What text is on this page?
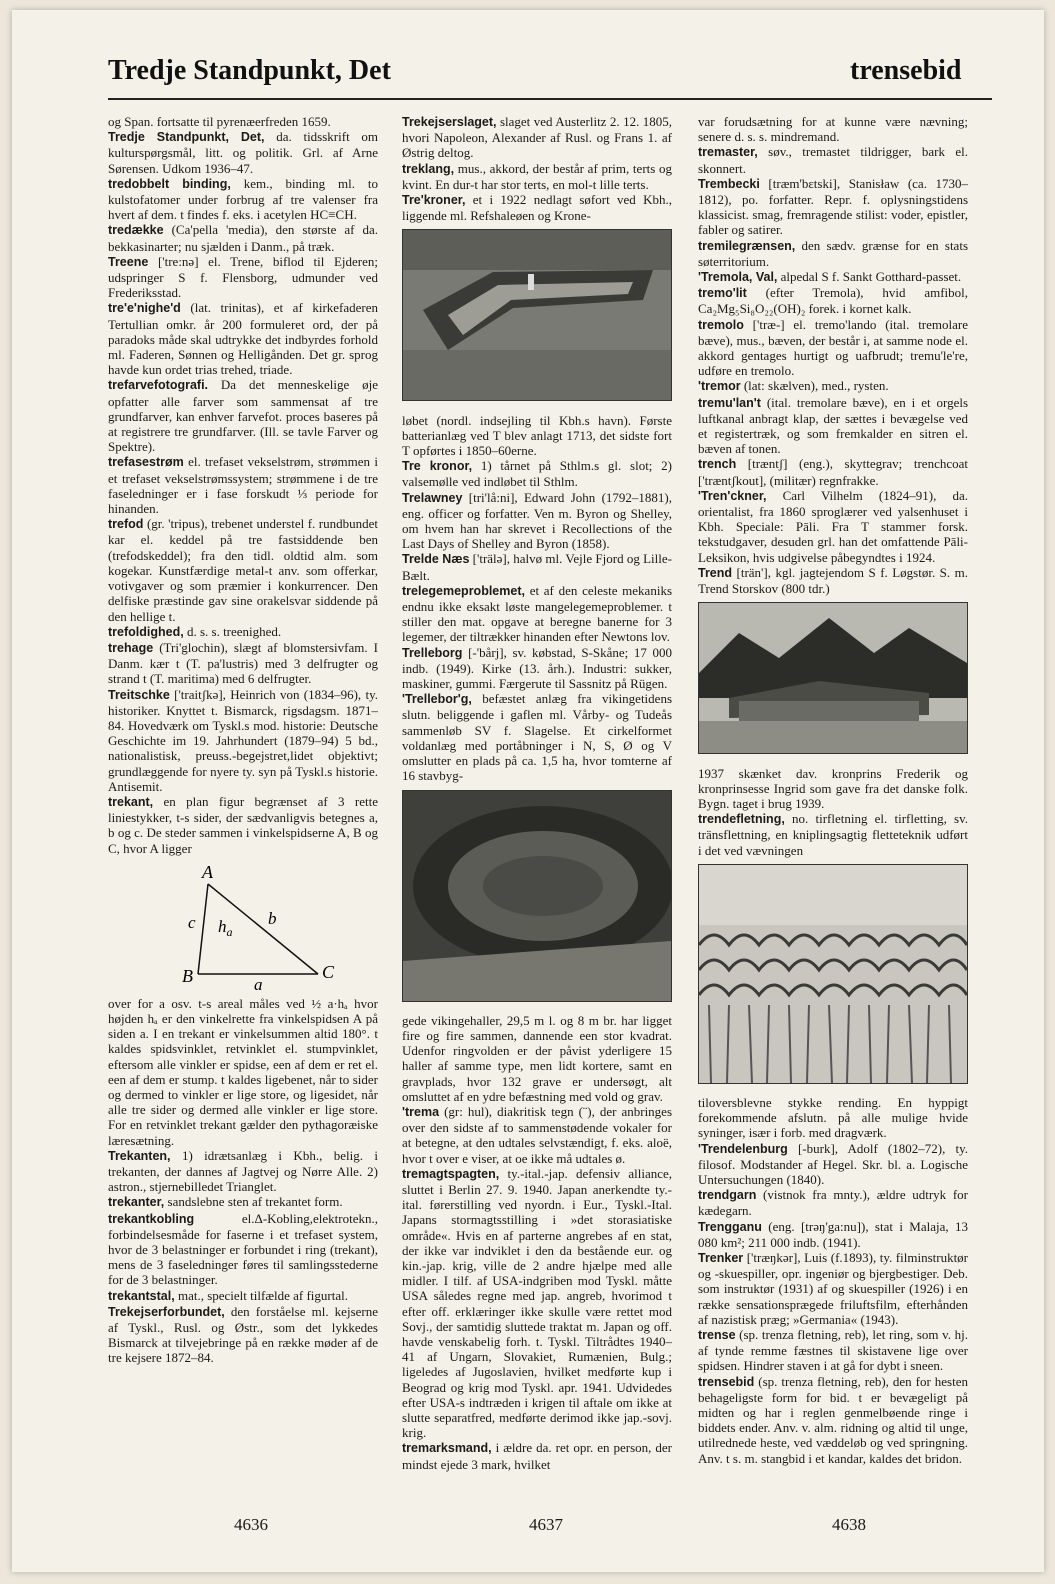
Tredje Standpunkt, Det	trensebid

og Span. fortsatte til pyrenæerfreden 1659.

Tredje Standpunkt, Det, da. tidsskrift om kulturspørgsmål, litt. og politik. Grl. af Arne Sørensen. Udkom 1936–47.

tredobbelt binding, kem., binding ml. to kulstofatomer under forbrug af tre valenser fra hvert af dem. t findes f. eks. i acetylen HC≡CH.

tredække (Ca'pella 'media), den største af da. bekkasinarter; nu sjælden i Danm., på træk.

Treene ['tre:nə] el. Trene, biflod til Ejderen; udspringer S f. Flensborg, udmunder ved Frederiksstad.

tre'e'nighe'd (lat. trinitas), et af kirkefaderen Tertullian omkr. år 200 formuleret ord, der på paradoks måde skal udtrykke det indbyrdes forhold ml. Faderen, Sønnen og Helligånden. Det gr. sprog havde kun ordet trias trehed, triade.

trefarvefotografi. Da det menneskelige øje opfatter alle farver som sammensat af tre grundfarver, kan enhver farvefot. proces baseres på at registrere tre grundfarver. (Ill. se tavle Farver og Spektre).

trefasestrøm el. trefaset vekselstrøm, strømmen i et trefaset vekselstrømssystem; strømmene i de tre faseledninger er i fase forskudt ⅓ periode for hinanden.

trefod (gr. 'tripus), trebenet understel f. rundbundet kar el. keddel på tre fastsiddende ben (trefodskeddel); fra den tidl. oldtid alm. som kogekar. Kunstfærdige metal-t anv. som offerkar, votivgaver og som præmier i konkurrencer. Den delfiske præstinde gav sine orakelsvar siddende på den hellige t.

trefoldighed, d. s. s. treenighed.

trehage (Tri'glochin), slægt af blomstersivfam. I Danm. kær t (T. pa'lustris) med 3 delfrugter og strand t (T. maritima) med 6 delfrugter.

Treitschke ['traitʃkə], Heinrich von (1834–96), ty. historiker. Knyttet t. Bismarck, rigsdagsm. 1871–84. Hovedværk om Tyskl.s mod. historie: Deutsche Geschichte im 19. Jahrhundert (1879–94) 5 bd., nationalistisk, preuss.-begejstret,lidet objektivt; grundlæggende for nyere ty. syn på Tyskl.s historie. Antisemit.

trekant, en plan figur begrænset af 3 rette liniestykker, t-s sider, der sædvanligvis betegnes a, b og c. De steder sammen i vinkelspidserne A, B og C, hvor A ligger

A
B	C
a
b
c $h_a$

over for a osv. t-s areal måles ved ½ a·hₐ hvor højden hₐ er den vinkelrette fra vinkelspidsen A på siden a. I en trekant er vinkelsummen altid 180°. t kaldes spidsvinklet, retvinklet el. stumpvinklet, eftersom alle vinkler er spidse, een af dem er ret el. een af dem er stump. t kaldes ligebenet, når to sider og dermed to vinkler er lige store, og ligesidet, når alle tre sider og dermed alle vinkler er lige store. For en retvinklet trekant gælder den pythagoræiske læresætning.

Trekanten, 1) idrætsanlæg i Kbh., belig. i trekanten, der dannes af Jagtvej og Nørre Alle. 2) astron., stjernebilledet Trianglet.

trekanter, sandslebne sten af trekantet form.

trekantkobling	el.Δ-Kobling,elektrotekn., forbindelsesmåde for faserne i et trefaset system, hvor de 3 belastninger er forbundet i ring (trekant), mens de 3 faseledninger føres til samlingsstederne for de 3 belastninger.

trekantstal, mat., specielt tilfælde af figurtal.

Trekejserforbundet, den forståelse ml. kejserne af Tyskl., Rusl. og Østr., som det lykkedes Bismarck at tilvejebringe på en række møder af de tre kejsere 1872–84.

Trekejserslaget, slaget ved Austerlitz 2. 12. 1805, hvori Napoleon, Alexander af Rusl. og Frans 1. af Østrig deltog.

treklang, mus., akkord, der består af prim, terts og kvint. En dur-t har stor terts, en mol-t lille terts.

Tre'kroner, et i 1922 nedlagt søfort ved Kbh., liggende ml. Refshaleøen og Krone-

løbet (nordl. indsejling til Kbh.s havn). Første batterianlæg ved T blev anlagt 1713, det sidste fort T opførtes i 1850–60erne.

Tre kronor, 1) tårnet på Sthlm.s gl. slot; 2) valsemølle ved indløbet til Sthlm.

Trelawney [tri'lå:ni], Edward John (1792–1881), eng. officer og forfatter. Ven m. Byron og Shelley, om hvem han har skrevet i Recollections of the Last Days of Shelley and Byron (1858).

Trelde Næs ['trälə], halvø ml. Vejle Fjord og Lille-Bælt.

trelegemeproblemet, et af den celeste mekaniks endnu ikke eksakt løste mangelegemeproblemer. t stiller den mat. opgave at beregne banerne for 3 legemer, der tiltrækker hinanden efter Newtons lov.

Trelleborg [-'bårj], sv. købstad, S-Skåne; 17 000 indb. (1949). Kirke (13. årh.). Industri: sukker, maskiner, gummi. Færgerute til Sassnitz på Rügen.

'Trellebor'g, befæstet anlæg fra vikingetidens slutn. beliggende i gaflen ml. Vårby- og Tudeås sammenløb SV f. Slagelse. Et cirkelformet voldanlæg med portåbninger i N, S, Ø og V omslutter en plads på ca. 1,5 ha, hvor tomterne af 16 stavbyg-

gede vikingehaller, 29,5 m l. og 8 m br. har ligget fire og fire sammen, dannende een stor kvadrat. Udenfor ringvolden er der påvist yderligere 15 haller af samme type, men lidt kortere, samt en gravplads, hvor 132 grave er undersøgt, alt omsluttet af en ydre befæstning med vold og grav.

'trema (gr: hul), diakritisk tegn (¨), der anbringes over den sidste af to sammenstødende vokaler for at betegne, at den udtales selvstændigt, f. eks. aloë, hvor t over e viser, at oe ikke må udtales ø.

tremagtspagten, ty.-ital.-jap. defensiv alliance, sluttet i Berlin 27. 9. 1940. Japan anerkendte ty.-ital. førerstilling ved nyordn. i Eur., Tyskl.-Ital. Japans stormagtsstilling i »det storasiatiske område«. Hvis en af parterne angrebes af en stat, der ikke var indviklet i den da bestående eur. og kin.-jap. krig, ville de 2 andre hjælpe med alle midler. I tilf. af USA-indgriben mod Tyskl. måtte USA således regne med jap. angreb, hvorimod t efter off. erklæringer ikke skulle være rettet mod Sovj., der samtidig sluttede traktat m. Japan og off. havde venskabelig forh. t. Tyskl. Tiltrådtes 1940–41 af Ungarn, Slovakiet, Rumænien, Bulg.; ligeledes af Jugoslavien, hvilket medførte kup i Beograd og krig mod Tyskl. apr. 1941. Udvidedes efter USA-s indtræden i krigen til aftale om ikke at slutte separatfred, medførte derimod ikke jap.-sovj. krig.

tremarksmand, i ældre da. ret opr. en person, der mindst ejede 3 mark, hvilket

var forudsætning for at kunne være nævning; senere d. s. s. mindremand.

tremaster, søv., tremastet tildrigger, bark el. skonnert.

Trembecki [træm'bɛtski], Stanisław (ca. 1730–1812), po. forfatter. Repr. f. oplysningstidens klassicist. smag, fremragende stilist: voder, epistler, fabler og satirer.

tremilegrænsen, den sædv. grænse for en stats søterritorium.

'Tremola, Val, alpedal S f. Sankt Gotthard-passet.

tremo'lit (efter Tremola), hvid amfibol, Ca₂Mg₅Si₈O₂₂(OH)₂ forek. i kornet kalk.

tremolo ['træ-] el. tremo'lando (ital. tremolare bæve), mus., bæven, der består i, at samme node el. akkord gentages hurtigt og uafbrudt; tremu'le're, udføre en tremolo.

'tremor (lat: skælven), med., rysten.

tremu'lan't (ital. tremolare bæve), en i et orgels luftkanal anbragt klap, der sættes i bevægelse ved et registertræk, og som fremkalder en sitren el. bæven af tonen.

trench [træntʃ] (eng.), skyttegrav; trenchcoat ['træntʃkout], (militær) regnfrakke.

'Tren'ckner, Carl Vilhelm (1824–91), da. orientalist, fra 1860 sproglærer ved yalsenhuset i Kbh. Speciale: Pāli. Fra T stammer forsk. tekstudgaver, desuden grl. han det omfattende Pāli-Leksikon, hvis udgivelse påbegyndtes i 1924.

Trend [trän'], kgl. jagtejendom S f. Løgstør. S. m. Trend Storskov (800 tdr.)

1937 skænket dav. kronprins Frederik og kronprinsesse Ingrid som gave fra det danske folk. Bygn. taget i brug 1939.

trendefletning, no. tirfletning el. tirfletting, sv. tränsflettning, en kniplingsagtig fletteteknik udført i det ved vævningen

tiloversblevne stykke rending. En hyppigt forekommende afslutn. på alle mulige hvide syninger, især i forb. med dragværk.

'Trendelenburg [-burk], Adolf (1802–72), ty. filosof. Modstander af Hegel. Skr. bl. a. Logische Untersuchungen (1840).

trendgarn (vistnok fra mnty.), ældre udtryk for kædegarn.

Trengganu (eng. [trəŋ'ga:nu]), stat i Malaja, 13 080 km²; 211 000 indb. (1941).

Trenker ['træŋkər], Luis (f.1893), ty. filminstruktør og -skuespiller, opr. ingeniør og bjergbestiger. Deb. som instruktør (1931) af og skuespiller (1926) i en række sensationsprægede friluftsfilm, efterhånden af nazistisk præg; »Germania« (1943).

trense (sp. trenza fletning, reb), let ring, som v. hj. af tynde remme fæstnes til skistavene lige over spidsen. Hindrer staven i at gå for dybt i sneen.

trensebid (sp. trenza fletning, reb), den for hesten behageligste form for bid. t er bevægeligt på midten og har i reglen genmelbøende ringe i biddets ender. Anv. v. alm. ridning og altid til unge, utilrednede heste, ved væddeløb og ved springning. Anv. t s. m. stangbid i et kandar, kaldes det bridon.

4636	4637	4638
